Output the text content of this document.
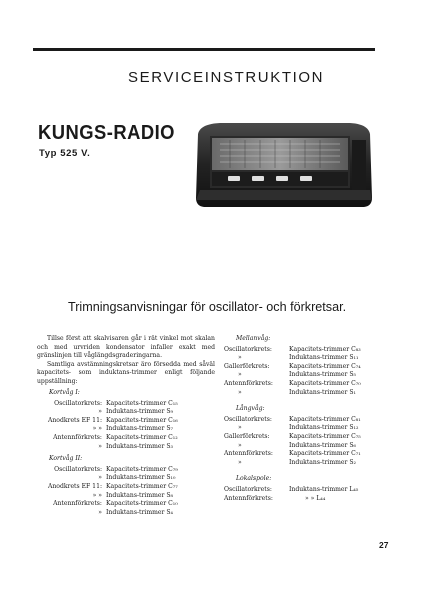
SERVICEINSTRUKTION
KUNGS-RADIO
Typ 525 V.
Trimningsanvisningar för oscillator- och förkretsar.

Tillse först att skalvisaren går i rät vinkel mot skalan och med urvriden kondensator infaller exakt med gränslinjen till våglängdsgraderingarna.

Samtliga avstämningskretsar äro försedda med såväl kapacitets- som induktans-trimmer enligt följande uppställning:

Kortvåg I:
Oscillatorkrets: Kapacitets-trimmer C₁₅
» Induktans-trimmer S₉
Anodkrets EF 11: Kapacitets-trimmer C₁₆
» » Induktans-trimmer S₇
Antennförkrets: Kapacitets-trimmer C₁₂
» Induktans-trimmer S₃
Kortvåg II:
Oscillatorkrets: Kapacitets-trimmer C₇₉
» Induktans-trimmer S₁₀
Anodkrets EF 11: Kapacitets-trimmer C₇₇
» » Induktans-trimmer S₈
Antennförkrets: Kapacitets-trimmer C₁₀
» Induktans-trimmer S₄
Mellanvåg:
Oscillatorkrets:	Kapacitets-trimmer C₈₃
»	Induktans-trimmer S₁₁
Gallerförkrets:	Kapacitets-trimmer C₇₄
»	Induktans-trimmer S₅
Antennförkrets:	Kapacitets-trimmer C₇₀
»	Induktans-trimmer S₁
Långvåg:
Oscillatorkrets:	Kapacitets-trimmer C₈₁
»	Induktans-trimmer S₁₂
Gallerförkrets:	Kapacitets-trimmer C₇₅
»	Induktans-trimmer S₆
Antennförkrets:	Kapacitets-trimmer C₇₁
»	Induktans-trimmer S₂
Lokalspole:
Oscillatorkrets:	Induktans-trimmer L₄₅
Antennförkrets:	» » L₄₄
27
